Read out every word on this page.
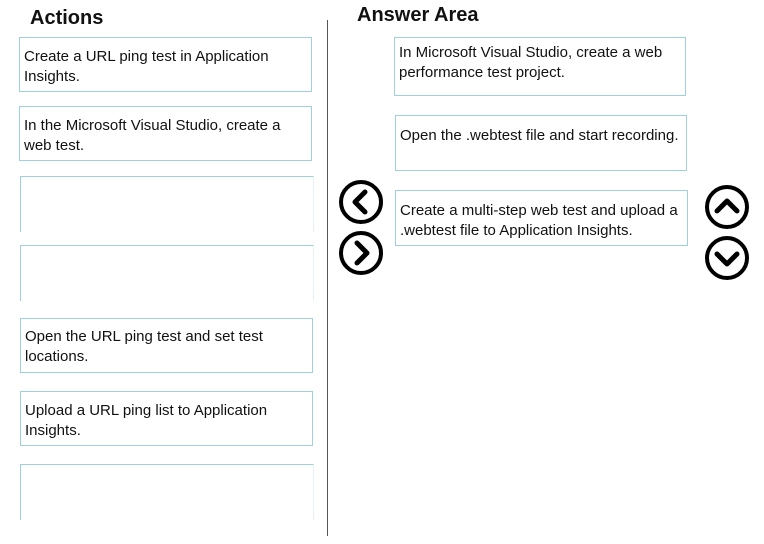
Actions
Create a URL ping test in Application Insights.
In the Microsoft Visual Studio, create a web test.
Open the URL ping test and set test locations.
Upload a URL ping list to Application Insights.
Answer Area
In Microsoft Visual Studio, create a web performance test project.
Open the .webtest file and start recording.
Create a multi-step web test and upload a .webtest file to Application Insights.
